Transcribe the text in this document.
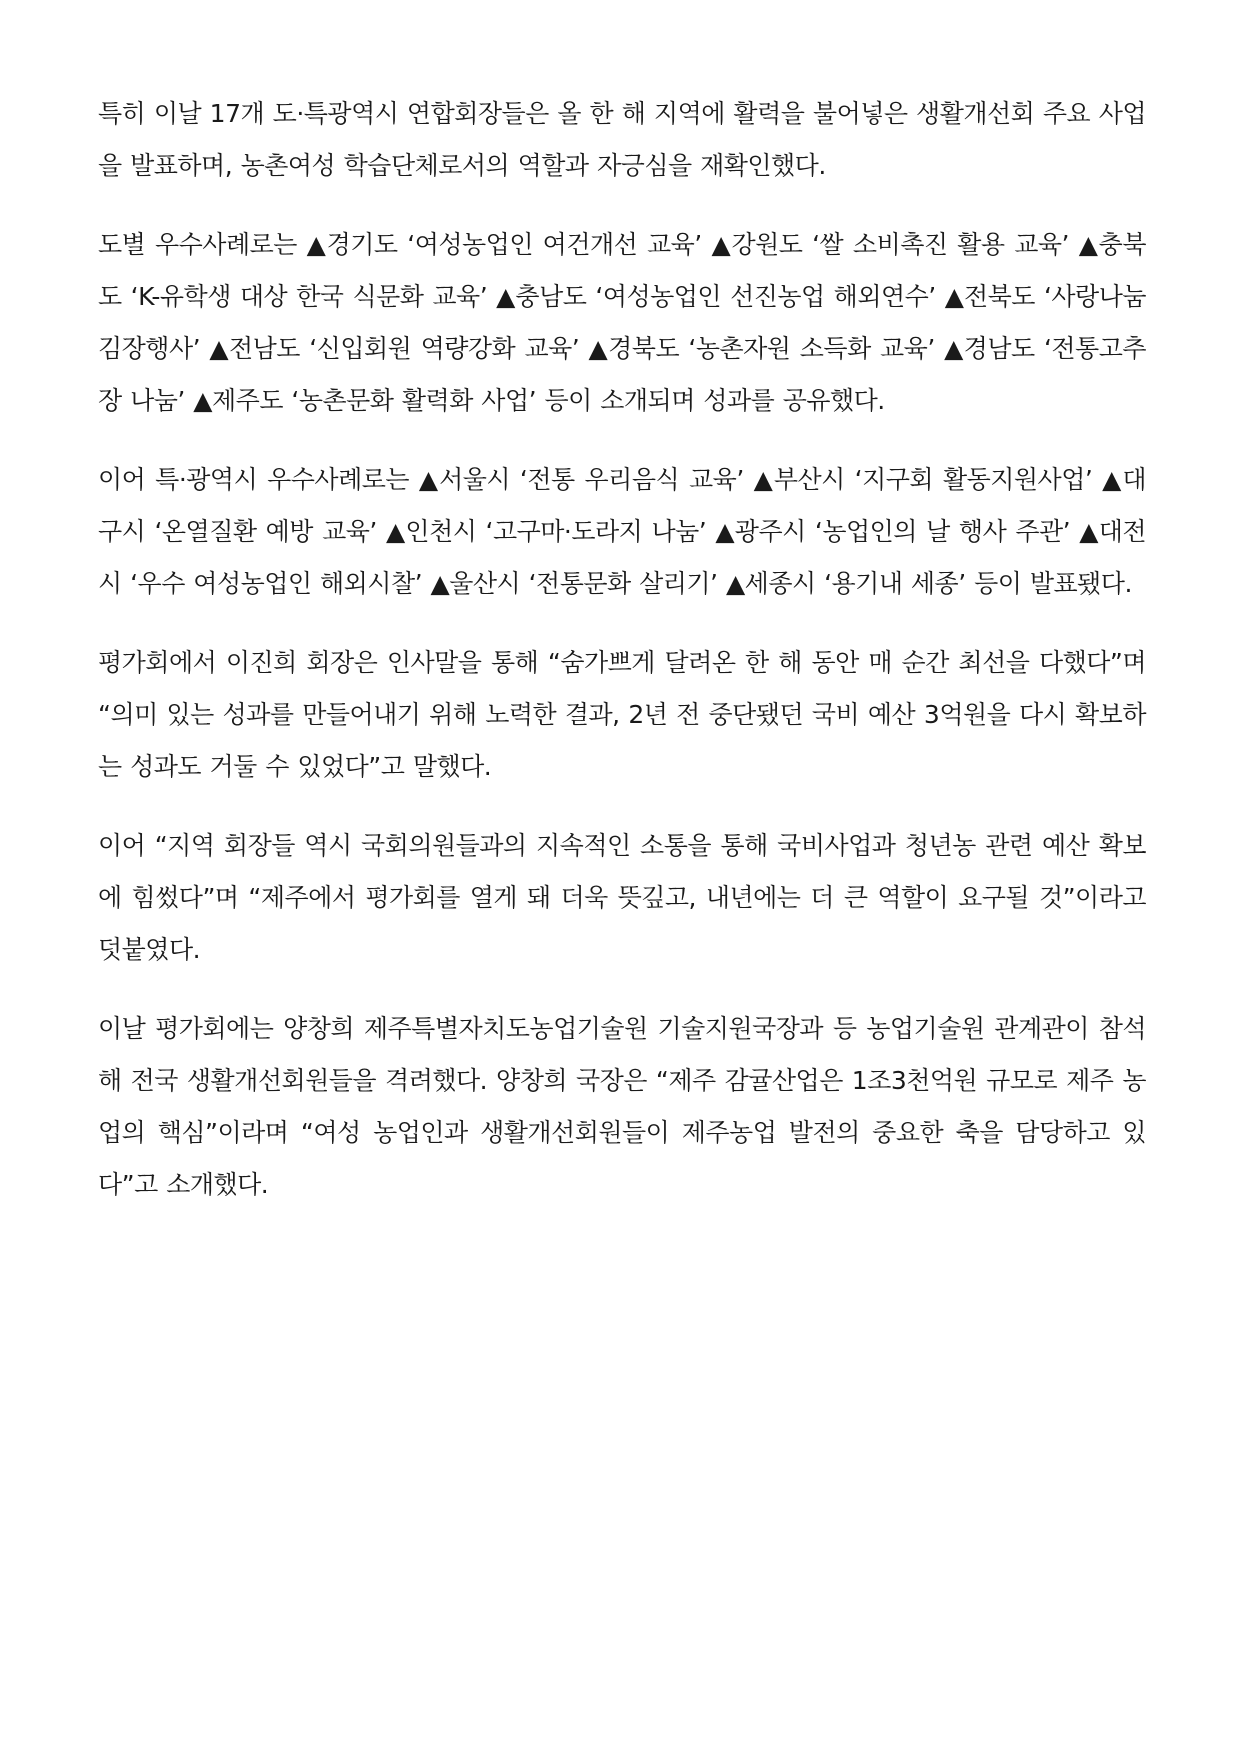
특히 이날 17개 도·특광역시 연합회장들은 올 한 해 지역에 활력을 불어넣은 생활개선회 주요 사업을 발표하며, 농촌여성 학습단체로서의 역할과 자긍심을 재확인했다.

도별 우수사례로는 ▲경기도 ‘여성농업인 여건개선 교육’ ▲강원도 ‘쌀 소비촉진 활용 교육’ ▲충북도 ‘K-유학생 대상 한국 식문화 교육’ ▲충남도 ‘여성농업인 선진농업 해외연수’ ▲전북도 ‘사랑나눔 김장행사’ ▲전남도 ‘신입회원 역량강화 교육’ ▲경북도 ‘농촌자원 소득화 교육’ ▲경남도 ‘전통고추장 나눔’ ▲제주도 ‘농촌문화 활력화 사업’ 등이 소개되며 성과를 공유했다.

이어 특·광역시 우수사례로는 ▲서울시 ‘전통 우리음식 교육’ ▲부산시 ‘지구회 활동지원사업’ ▲대구시 ‘온열질환 예방 교육’ ▲인천시 ‘고구마·도라지 나눔’ ▲광주시 ‘농업인의 날 행사 주관’ ▲대전시 ‘우수 여성농업인 해외시찰’ ▲울산시 ‘전통문화 살리기’ ▲세종시 ‘용기내 세종’ 등이 발표됐다.

평가회에서 이진희 회장은 인사말을 통해 “숨가쁘게 달려온 한 해 동안 매 순간 최선을 다했다”며 “의미 있는 성과를 만들어내기 위해 노력한 결과, 2년 전 중단됐던 국비 예산 3억원을 다시 확보하는 성과도 거둘 수 있었다”고 말했다.

이어 “지역 회장들 역시 국회의원들과의 지속적인 소통을 통해 국비사업과 청년농 관련 예산 확보에 힘썼다”며 “제주에서 평가회를 열게 돼 더욱 뜻깊고, 내년에는 더 큰 역할이 요구될 것”이라고 덧붙였다.

이날 평가회에는 양창희 제주특별자치도농업기술원 기술지원국장과 등 농업기술원 관계관이 참석해 전국 생활개선회원들을 격려했다. 양창희 국장은 “제주 감귤산업은 1조3천억원 규모로 제주 농업의 핵심”이라며 “여성 농업인과 생활개선회원들이 제주농업 발전의 중요한 축을 담당하고 있다”고 소개했다.
